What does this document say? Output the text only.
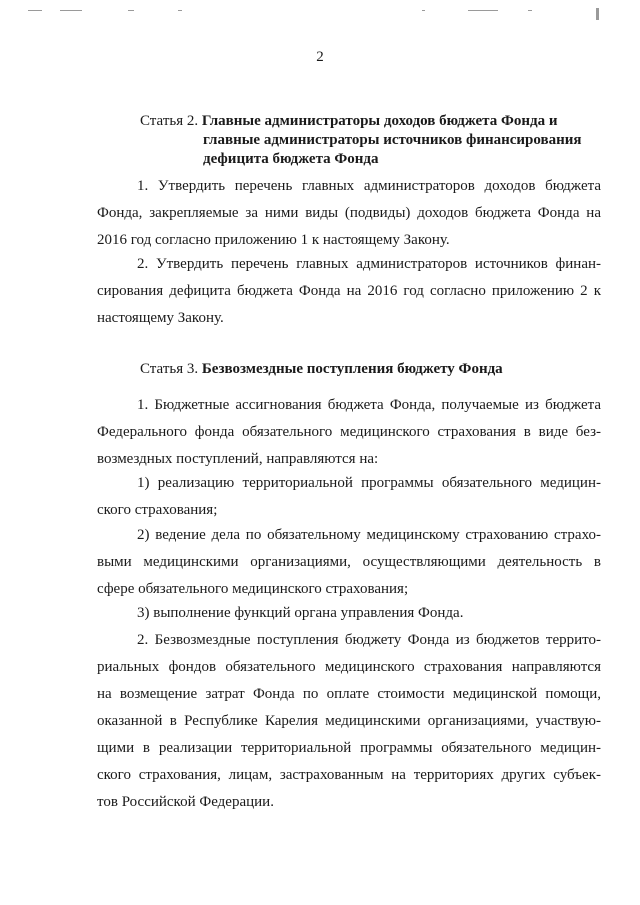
2
Статья 2. Главные администраторы доходов бюджета Фонда и
главные администраторы источников финансирования
дефицита бюджета Фонда

1. Утвердить перечень главных администраторов доходов бюджета
Фонда, закрепляемые за ними виды (подвиды) доходов бюджета Фонда на
2016 год согласно приложению 1 к настоящему Закону.

2. Утвердить перечень главных администраторов источников финан-
сирования дефицита бюджета Фонда на 2016 год согласно приложению 2 к
настоящему Закону.

Статья 3. Безвозмездные поступления бюджету Фонда

1. Бюджетные ассигнования бюджета Фонда, получаемые из бюджета
Федерального фонда обязательного медицинского страхования в виде без-
возмездных поступлений, направляются на:

1) реализацию территориальной программы обязательного медицин-
ского страхования;

2) ведение дела по обязательному медицинскому страхованию страхо-
выми медицинскими организациями, осуществляющими деятельность в
сфере обязательного медицинского страхования;

3) выполнение функций органа управления Фонда.

2. Безвозмездные поступления бюджету Фонда из бюджетов террито-
риальных фондов обязательного медицинского страхования направляются
на возмещение затрат Фонда по оплате стоимости медицинской помощи,
оказанной в Республике Карелия медицинскими организациями, участвую-
щими в реализации территориальной программы обязательного медицин-
ского страхования, лицам, застрахованным на территориях других субъек-
тов Российской Федерации.
